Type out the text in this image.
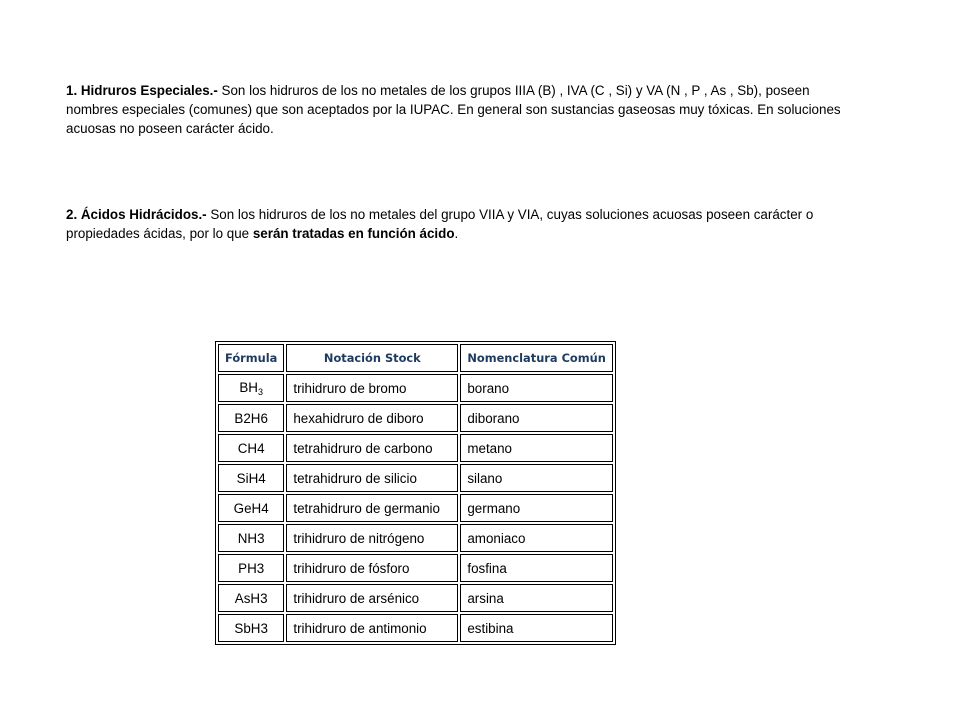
1. Hidruros Especiales.- Son los hidruros de los no metales de los grupos IIIA (B) , IVA (C , Si) y VA (N , P , As , Sb), poseen nombres especiales (comunes) que son aceptados por la IUPAC. En general son sustancias gaseosas muy tóxicas. En soluciones acuosas no poseen carácter ácido.

2. Ácidos Hidrácidos.- Son los hidruros de los no metales del grupo VIIA y VIA, cuyas soluciones acuosas poseen carácter o propiedades ácidas, por lo que serán tratadas en función ácido.

Fórmula	Notación Stock	Nomenclatura Común
$BH_3$	trihidruro de bromo	borano
B2H6	hexahidruro de diboro	diborano
CH4	tetrahidruro de carbono	metano
SiH4	tetrahidruro de silicio	silano
GeH4	tetrahidruro de germanio	germano
NH3	trihidruro de nitrógeno	amoniaco
PH3	trihidruro de fósforo	fosfina
AsH3	trihidruro de arsénico	arsina
SbH3	trihidruro de antimonio	estibina
